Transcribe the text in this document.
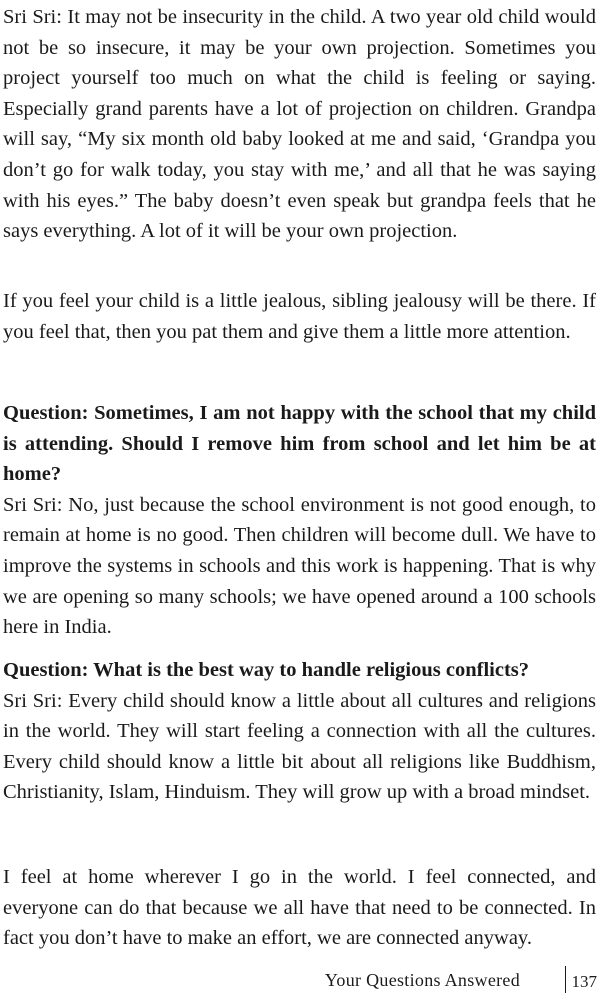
Sri Sri: It may not be insecurity in the child. A two year old child would not be so insecure, it may be your own projection. Sometimes you project yourself too much on what the child is feeling or saying. Especially grand parents have a lot of projection on children. Grandpa will say, “My six month old baby looked at me and said, ‘Grandpa you don’t go for walk today, you stay with me,’ and all that he was saying with his eyes.” The baby doesn’t even speak but grandpa feels that he says everything. A lot of it will be your own projection.

If you feel your child is a little jealous, sibling jealousy will be there. If you feel that, then you pat them and give them a little more attention.

Question: Sometimes, I am not happy with the school that my child is attending. Should I remove him from school and let him be at home?

Sri Sri: No, just because the school environment is not good enough, to remain at home is no good. Then children will become dull. We have to improve the systems in schools and this work is happening. That is why we are opening so many schools; we have opened around a 100 schools here in India.

Question: What is the best way to handle religious conflicts?

Sri Sri: Every child should know a little about all cultures and religions in the world. They will start feeling a connection with all the cultures. Every child should know a little bit about all religions like Buddhism, Christianity, Islam, Hinduism. They will grow up with a broad mindset.

I feel at home wherever I go in the world. I feel connected, and everyone can do that because we all have that need to be connected. In fact you don’t have to make an effort, we are connected anyway.

Your Questions Answered	137
